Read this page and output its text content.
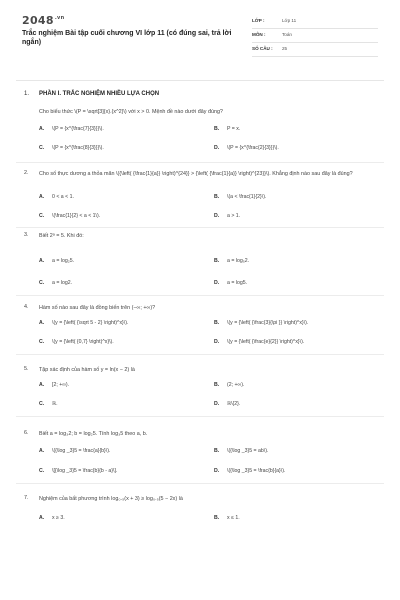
$2048^{.vn}$
Trắc nghiệm Bài tập cuối chương VI lớp 11 (có đúng sai, trả lời ngắn)
LỚP :	Lớp 11
MÔN :	Toán
SỐ CÂU : 25
1. PHẦN I. TRẮC NGHIỆM NHIỀU LỰA CHỌN
Cho biểu thức \(P = \sqrt[3]{x}.{x^2}\) với x > 0. Mệnh đề nào dưới đây đúng?
A. \(P = {x^{\frac{7}{3}}}\).	B. P = x.
C. \(P = {x^{\frac{8}{3}}}\).	D. \(P = {x^{\frac{2}{3}}}\).
2. Cho số thực dương a thỏa mãn \({\left( {\frac{1}{a}} \right)^{24}} > {\left( {\frac{1}{a}} \right)^{23}}\). Khẳng định nào sau đây là đúng?
A. 0 < a < 1.	B. \(a < \frac{1}{2}\).
C. \(\frac{1}{2} < a < 1\).	D. a > 1.
3. Biết 2ᵃ = 5. Khi đó:
A. a = log₂5.	B. a = log₅2.
C. a = log2.	D. a = log5.
4. Hàm số nào sau đây là đồng biến trên (−∞; +∞)?
A. \(y = {\left( {\sqrt 5 - 2} \right)^x}\).	B. \(y = {\left( {\frac{3}{\pi }} \right)^x}\).
C. \(y = {\left( {0,7} \right)^x}\).	D. \(y = {\left( {\frac{e}{2}} \right)^x}\).
5. Tập xác định của hàm số y = ln(x − 2) là
A. [2; +∞).	B. (2; +∞).
C. ℝ.	D. ℝ\{2}.
6. Biết a = log₃2; b = log₂5. Tính log₃5 theo a, b.
A. \({\log _3}5 = \frac{a}{b}\).	B. \({\log _3}5 = ab\).
C. \[{\log _3}5 = \frac{b}{b - a}\].	D. \({\log _3}5 = \frac{b}{a}\).
7. Nghiệm của bất phương trình log₀.₅(x + 3) ≥ log₀.₅(5 − 2x) là
A. x ≥ 3.	B. x ≤ 1.
